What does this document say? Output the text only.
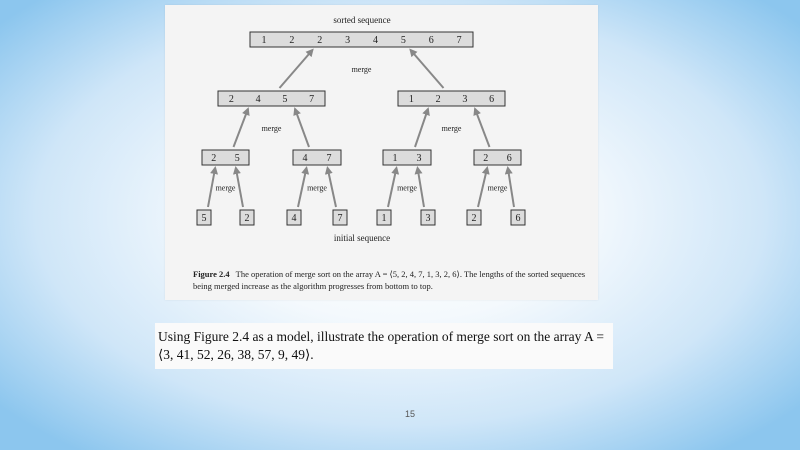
sorted sequence
initial sequence
1 2 2 3 4 5 6 7
2 4 5 7	1 2 3 6
2 5	4 7	1 3	2 6
5	2	4	7	1	3	2	6
merge
merge	merge
merge	merge	merge	merge
Figure 2.4 The operation of merge sort on the array A = ⟨5, 2, 4, 7, 1, 3, 2, 6⟩. The lengths of the sorted sequences being merged increase as the algorithm progresses from bottom to top.
Using Figure 2.4 as a model, illustrate the operation of merge sort on the array A = ⟨3, 41, 52, 26, 38, 57, 9, 49⟩.
15
